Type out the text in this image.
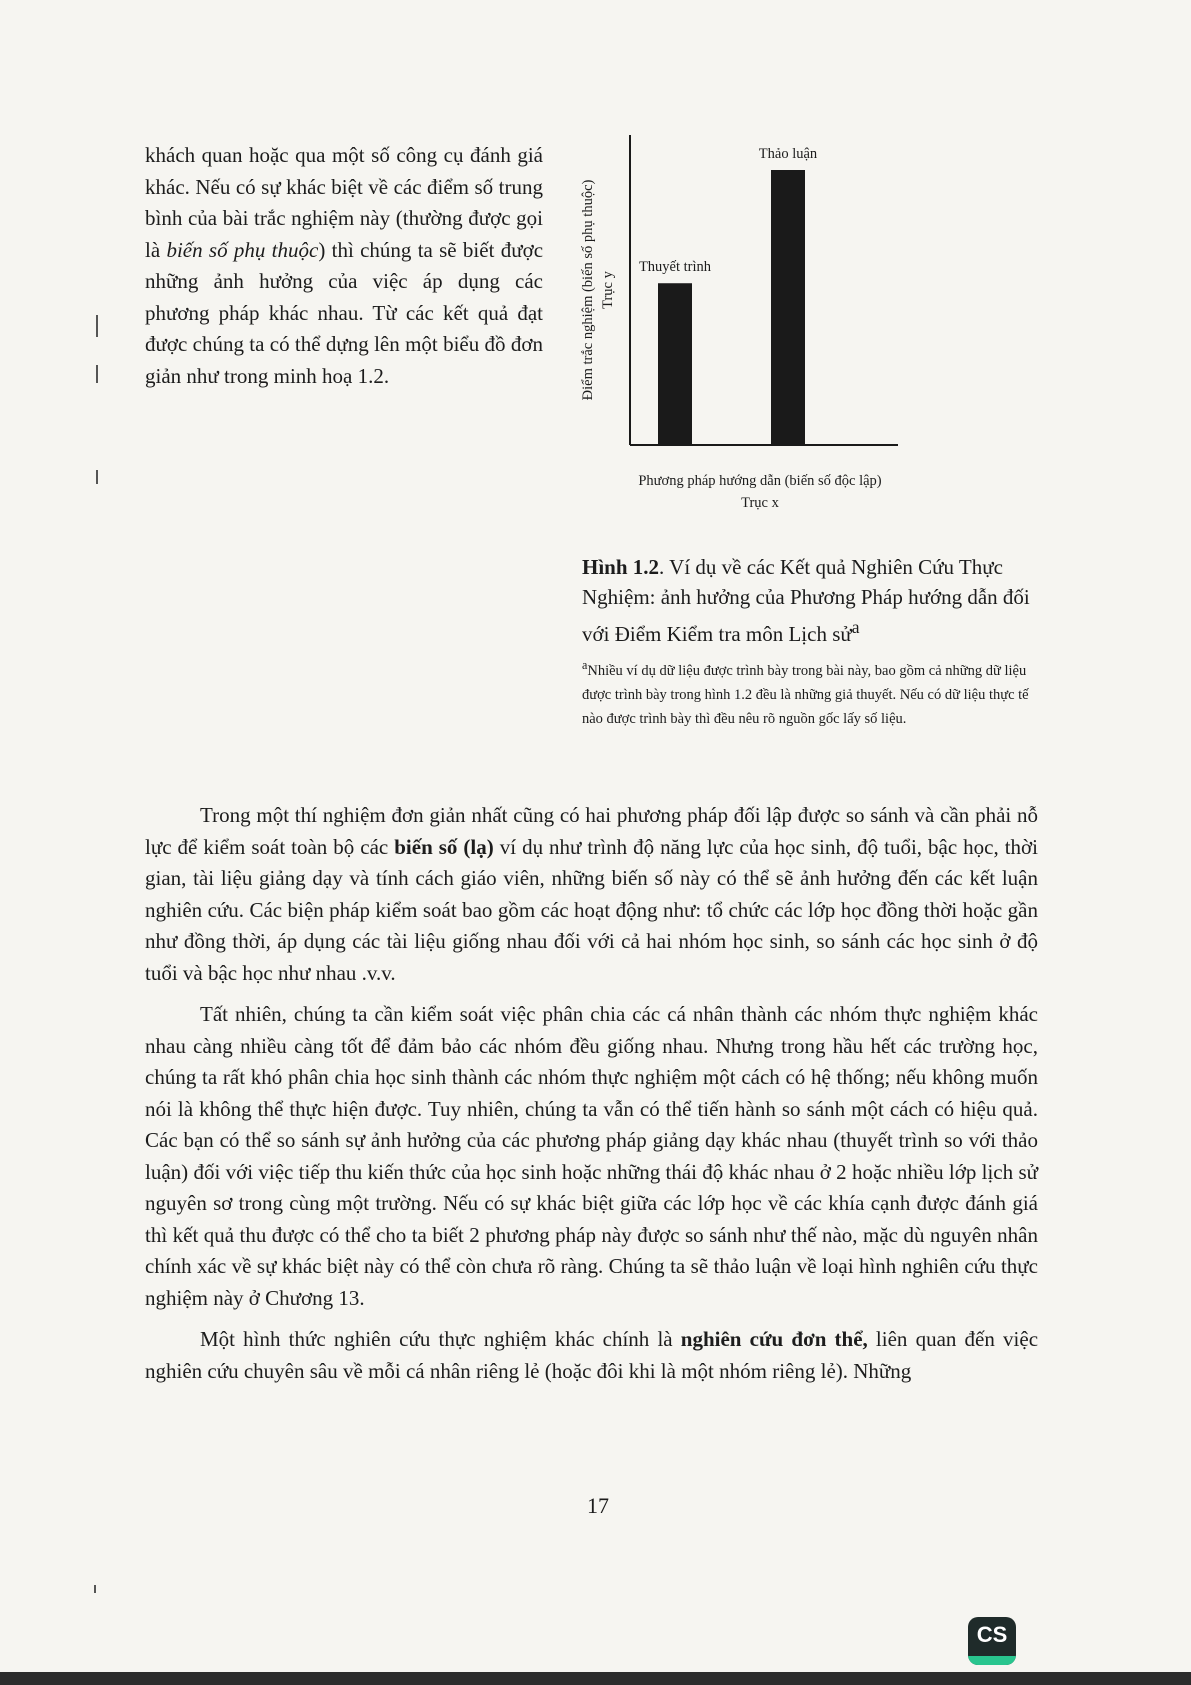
khách quan hoặc qua một số công cụ đánh giá khác. Nếu có sự khác biệt về các điểm số trung bình của bài trắc nghiệm này (thường được gọi là biến số phụ thuộc) thì chúng ta sẽ biết được những ảnh hưởng của việc áp dụng các phương pháp khác nhau. Từ các kết quả đạt được chúng ta có thể dựng lên một biểu đồ đơn giản như trong minh hoạ 1.2.
Thuyết trình
Thảo luận
Điểm trắc nghiệm (biến số phụ thuộc) Trục y
Phương pháp hướng dẫn (biến số độc lập)
Trục x
Hình 1.2. Ví dụ về các Kết quả Nghiên Cứu Thực Nghiệm: ảnh hưởng của Phương Pháp hướng dẫn đối với Điểm Kiểm tra môn Lịch sử$^a$
$^a$Nhiều ví dụ dữ liệu được trình bày trong bài này, bao gồm cả những dữ liệu được trình bày trong hình 1.2 đều là những giả thuyết. Nếu có dữ liệu thực tế nào được trình bày thì đều nêu rõ nguồn gốc lấy số liệu.

Trong một thí nghiệm đơn giản nhất cũng có hai phương pháp đối lập được so sánh và cần phải nỗ lực để kiểm soát toàn bộ các biến số (lạ) ví dụ như trình độ năng lực của học sinh, độ tuổi, bậc học, thời gian, tài liệu giảng dạy và tính cách giáo viên, những biến số này có thể sẽ ảnh hưởng đến các kết luận nghiên cứu. Các biện pháp kiểm soát bao gồm các hoạt động như: tổ chức các lớp học đồng thời hoặc gần như đồng thời, áp dụng các tài liệu giống nhau đối với cả hai nhóm học sinh, so sánh các học sinh ở độ tuổi và bậc học như nhau .v.v.

Tất nhiên, chúng ta cần kiểm soát việc phân chia các cá nhân thành các nhóm thực nghiệm khác nhau càng nhiều càng tốt để đảm bảo các nhóm đều giống nhau. Nhưng trong hầu hết các trường học, chúng ta rất khó phân chia học sinh thành các nhóm thực nghiệm một cách có hệ thống; nếu không muốn nói là không thể thực hiện được. Tuy nhiên, chúng ta vẫn có thể tiến hành so sánh một cách có hiệu quả. Các bạn có thể so sánh sự ảnh hưởng của các phương pháp giảng dạy khác nhau (thuyết trình so với thảo luận) đối với việc tiếp thu kiến thức của học sinh hoặc những thái độ khác nhau ở 2 hoặc nhiều lớp lịch sử nguyên sơ trong cùng một trường. Nếu có sự khác biệt giữa các lớp học về các khía cạnh được đánh giá thì kết quả thu được có thể cho ta biết 2 phương pháp này được so sánh như thế nào, mặc dù nguyên nhân chính xác về sự khác biệt này có thể còn chưa rõ ràng. Chúng ta sẽ thảo luận về loại hình nghiên cứu thực nghiệm này ở Chương 13.

Một hình thức nghiên cứu thực nghiệm khác chính là nghiên cứu đơn thể, liên quan đến việc nghiên cứu chuyên sâu về mỗi cá nhân riêng lẻ (hoặc đôi khi là một nhóm riêng lẻ). Những

17
CS
